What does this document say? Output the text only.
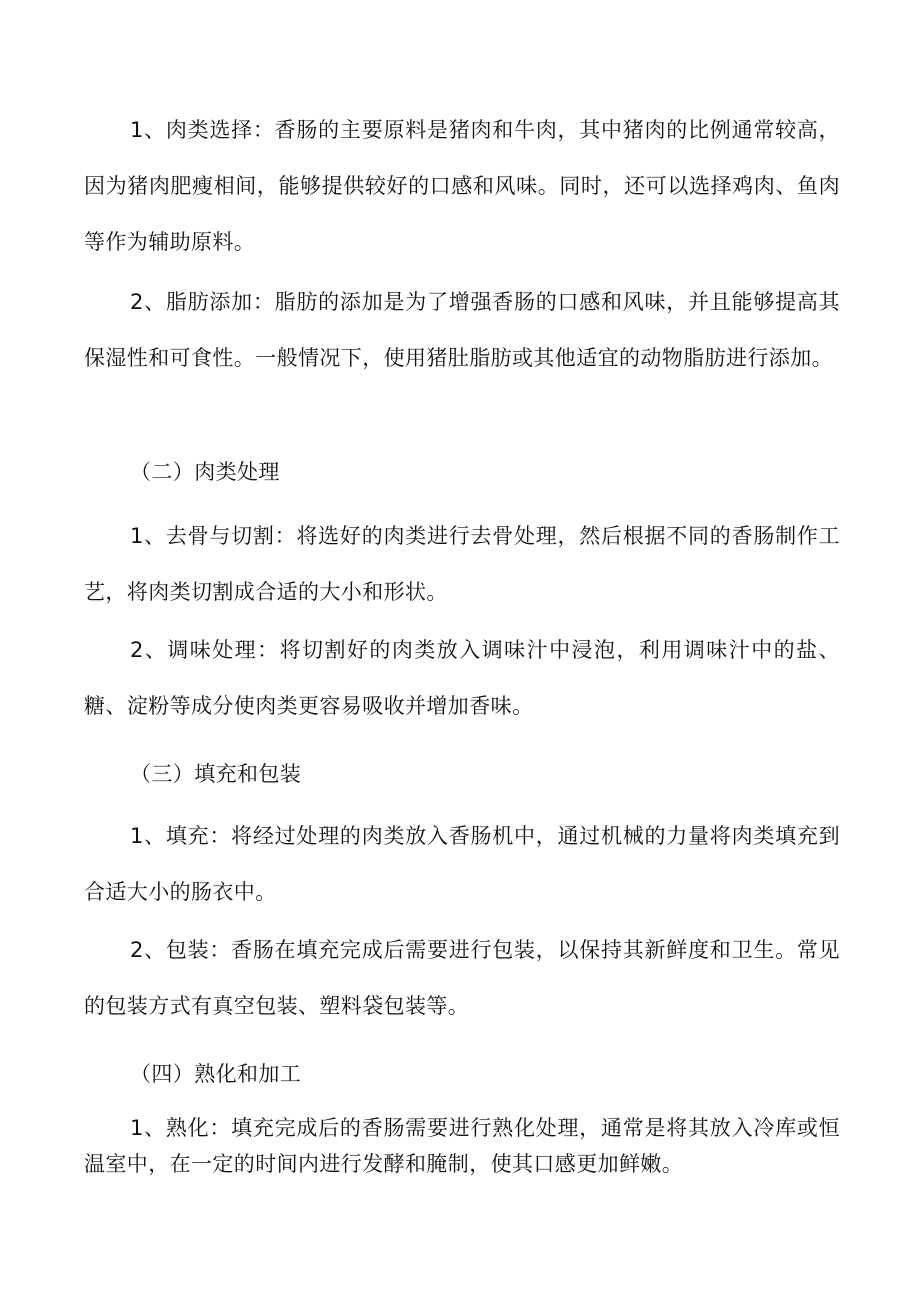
1、肉类选择：香肠的主要原料是猪肉和牛肉，其中猪肉的比例通常较高，因为猪肉肥瘦相间，能够提供较好的口感和风味。同时，还可以选择鸡肉、鱼肉等作为辅助原料。

2、脂肪添加：脂肪的添加是为了增强香肠的口感和风味，并且能够提高其保湿性和可食性。一般情况下，使用猪肚脂肪或其他适宜的动物脂肪进行添加。

（二）肉类处理

1、去骨与切割：将选好的肉类进行去骨处理，然后根据不同的香肠制作工艺，将肉类切割成合适的大小和形状。

2、调味处理：将切割好的肉类放入调味汁中浸泡，利用调味汁中的盐、糖、淀粉等成分使肉类更容易吸收并增加香味。

（三）填充和包装

1、填充：将经过处理的肉类放入香肠机中，通过机械的力量将肉类填充到合适大小的肠衣中。

2、包装：香肠在填充完成后需要进行包装，以保持其新鲜度和卫生。常见的包装方式有真空包装、塑料袋包装等。

（四）熟化和加工

1、熟化：填充完成后的香肠需要进行熟化处理，通常是将其放入冷库或恒温室中，在一定的时间内进行发酵和腌制，使其口感更加鲜嫩。
